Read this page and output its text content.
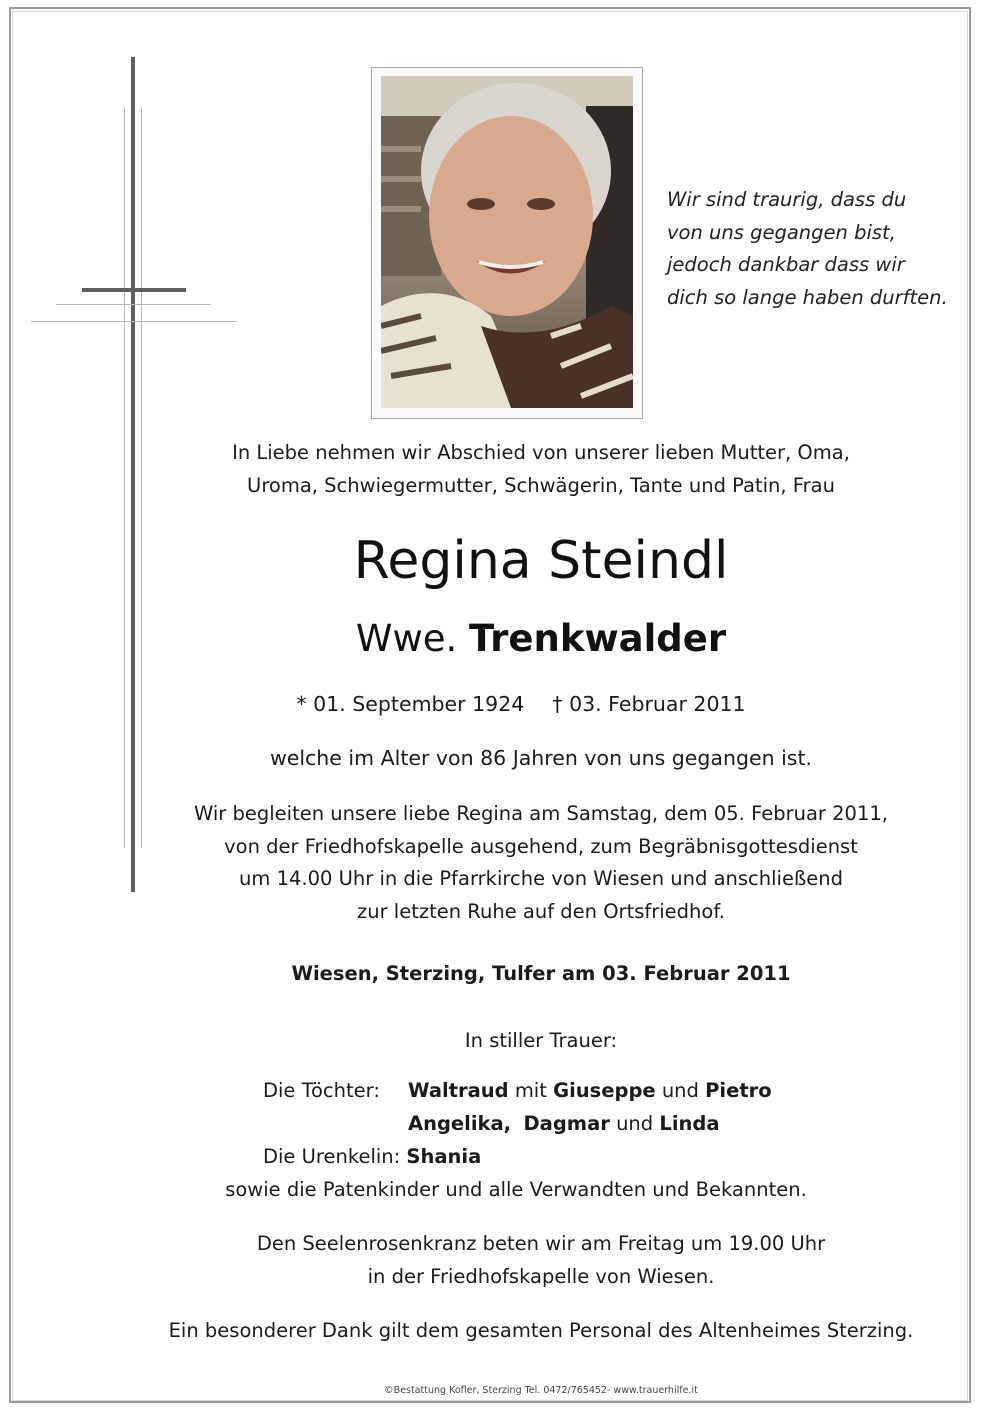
Wir sind traurig, dass du
von uns gegangen bist,
jedoch dankbar dass wir
dich so lange haben durften.
In Liebe nehmen wir Abschied von unserer lieben Mutter, Oma,
Uroma, Schwiegermutter, Schwägerin, Tante und Patin, Frau
Regina Steindl
Wwe. Trenkwalder
* 01. September 1924 † 03. Februar 2011
welche im Alter von 86 Jahren von uns gegangen ist.
Wir begleiten unsere liebe Regina am Samstag, dem 05. Februar 2011,
von der Friedhofskapelle ausgehend, zum Begräbnisgottesdienst
um 14.00 Uhr in die Pfarrkirche von Wiesen und anschließend
zur letzten Ruhe auf den Ortsfriedhof.
Wiesen, Sterzing, Tulfer am 03. Februar 2011
In stiller Trauer:
Die Töchter: Waltraud mit Giuseppe und Pietro
Angelika, Dagmar und Linda
Die Urenkelin: Shania
sowie die Patenkinder und alle Verwandten und Bekannten.
Den Seelenrosenkranz beten wir am Freitag um 19.00 Uhr
in der Friedhofskapelle von Wiesen.
Ein besonderer Dank gilt dem gesamten Personal des Altenheimes Sterzing.
©Bestattung Kofler, Sterzing Tel. 0472/765452- www.trauerhilfe.it
